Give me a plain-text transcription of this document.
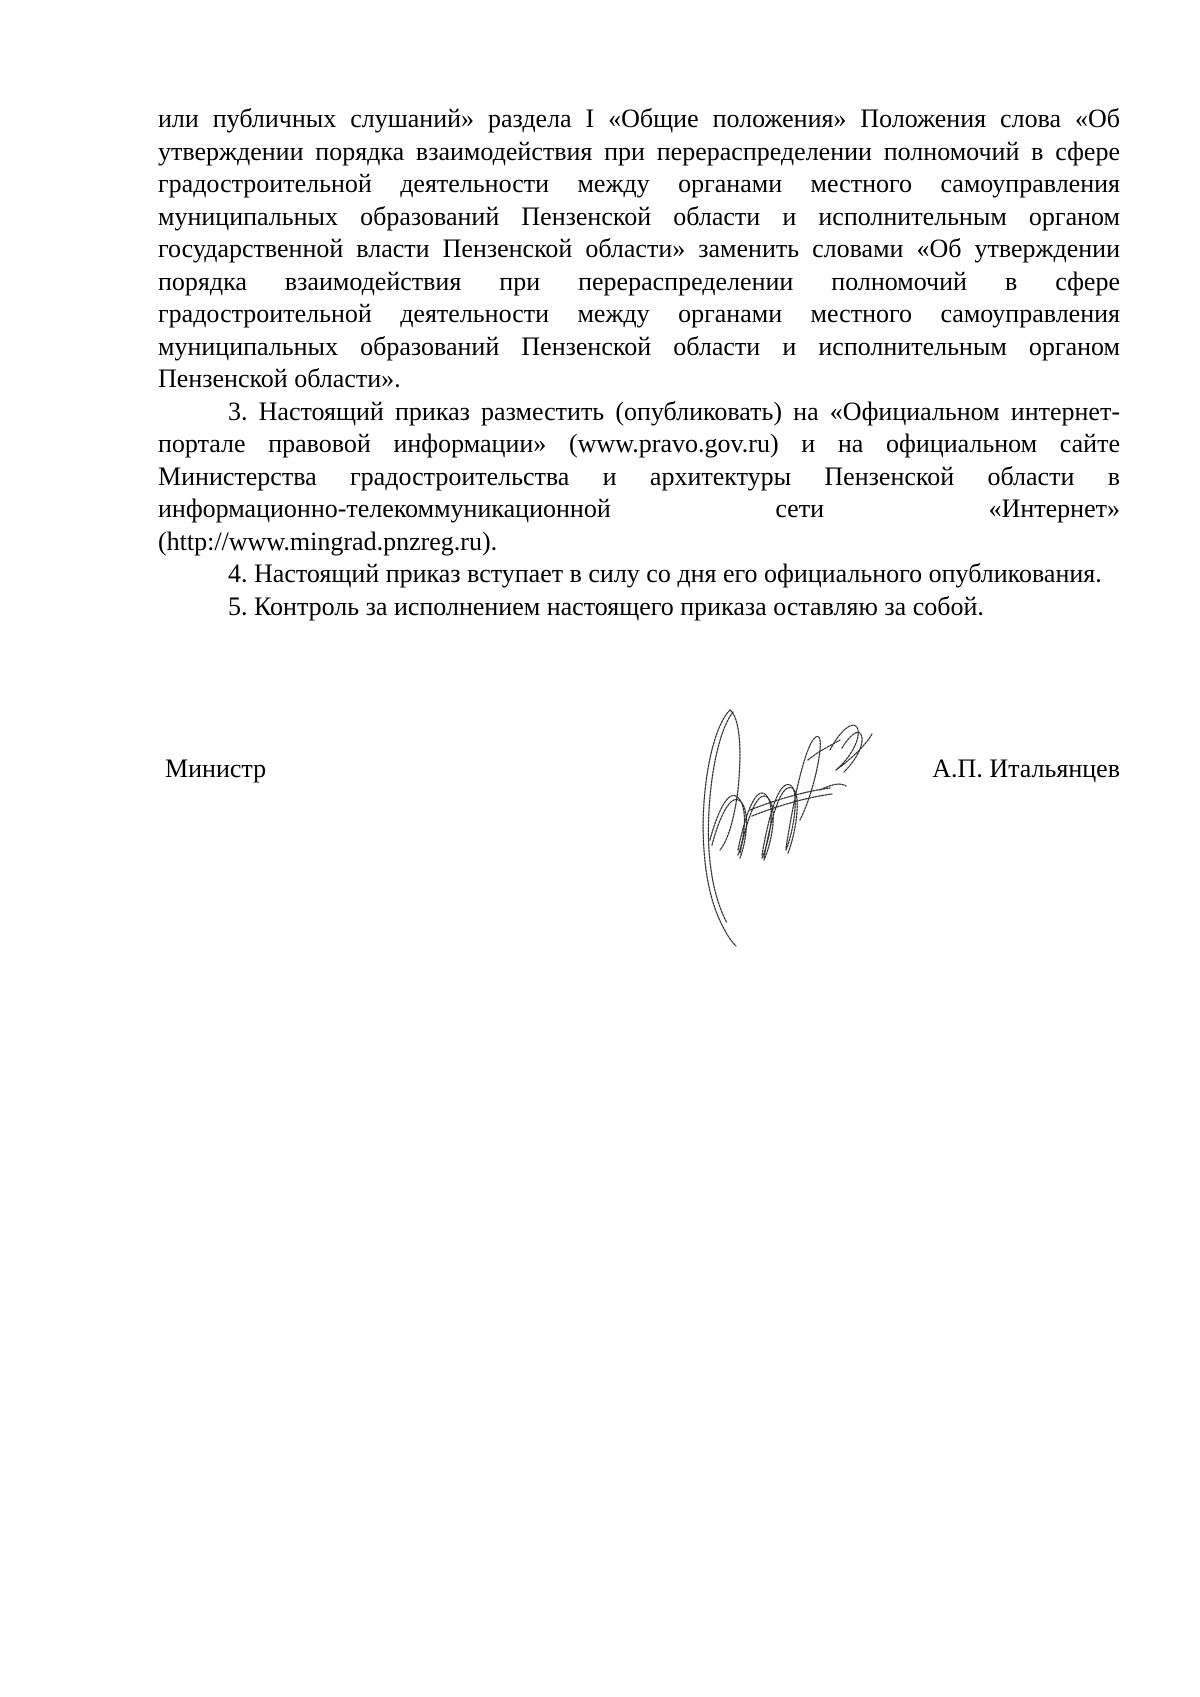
или публичных слушаний» раздела I «Общие положения» Положения слова «Об утверждении порядка взаимодействия при перераспределении полномочий в сфере градостроительной деятельности между органами местного самоуправления муниципальных образований Пензенской области и исполнительным органом государственной власти Пензенской области» заменить словами «Об утверждении порядка взаимодействия при перераспределении полномочий в сфере градостроительной деятельности между органами местного самоуправления муниципальных образований Пензенской области и исполнительным органом Пензенской области».

3. Настоящий приказ разместить (опубликовать) на «Официальном интернет-портале правовой информации» (www.pravo.gov.ru) и на официальном сайте Министерства градостроительства и архитектуры Пензенской области в информационно-телекоммуникационной сети «Интернет» (http://www.mingrad.pnzreg.ru).

4. Настоящий приказ вступает в силу со дня его официального опубликования.

5. Контроль за исполнением настоящего приказа оставляю за собой.

Министр	А.П. Итальянцев
